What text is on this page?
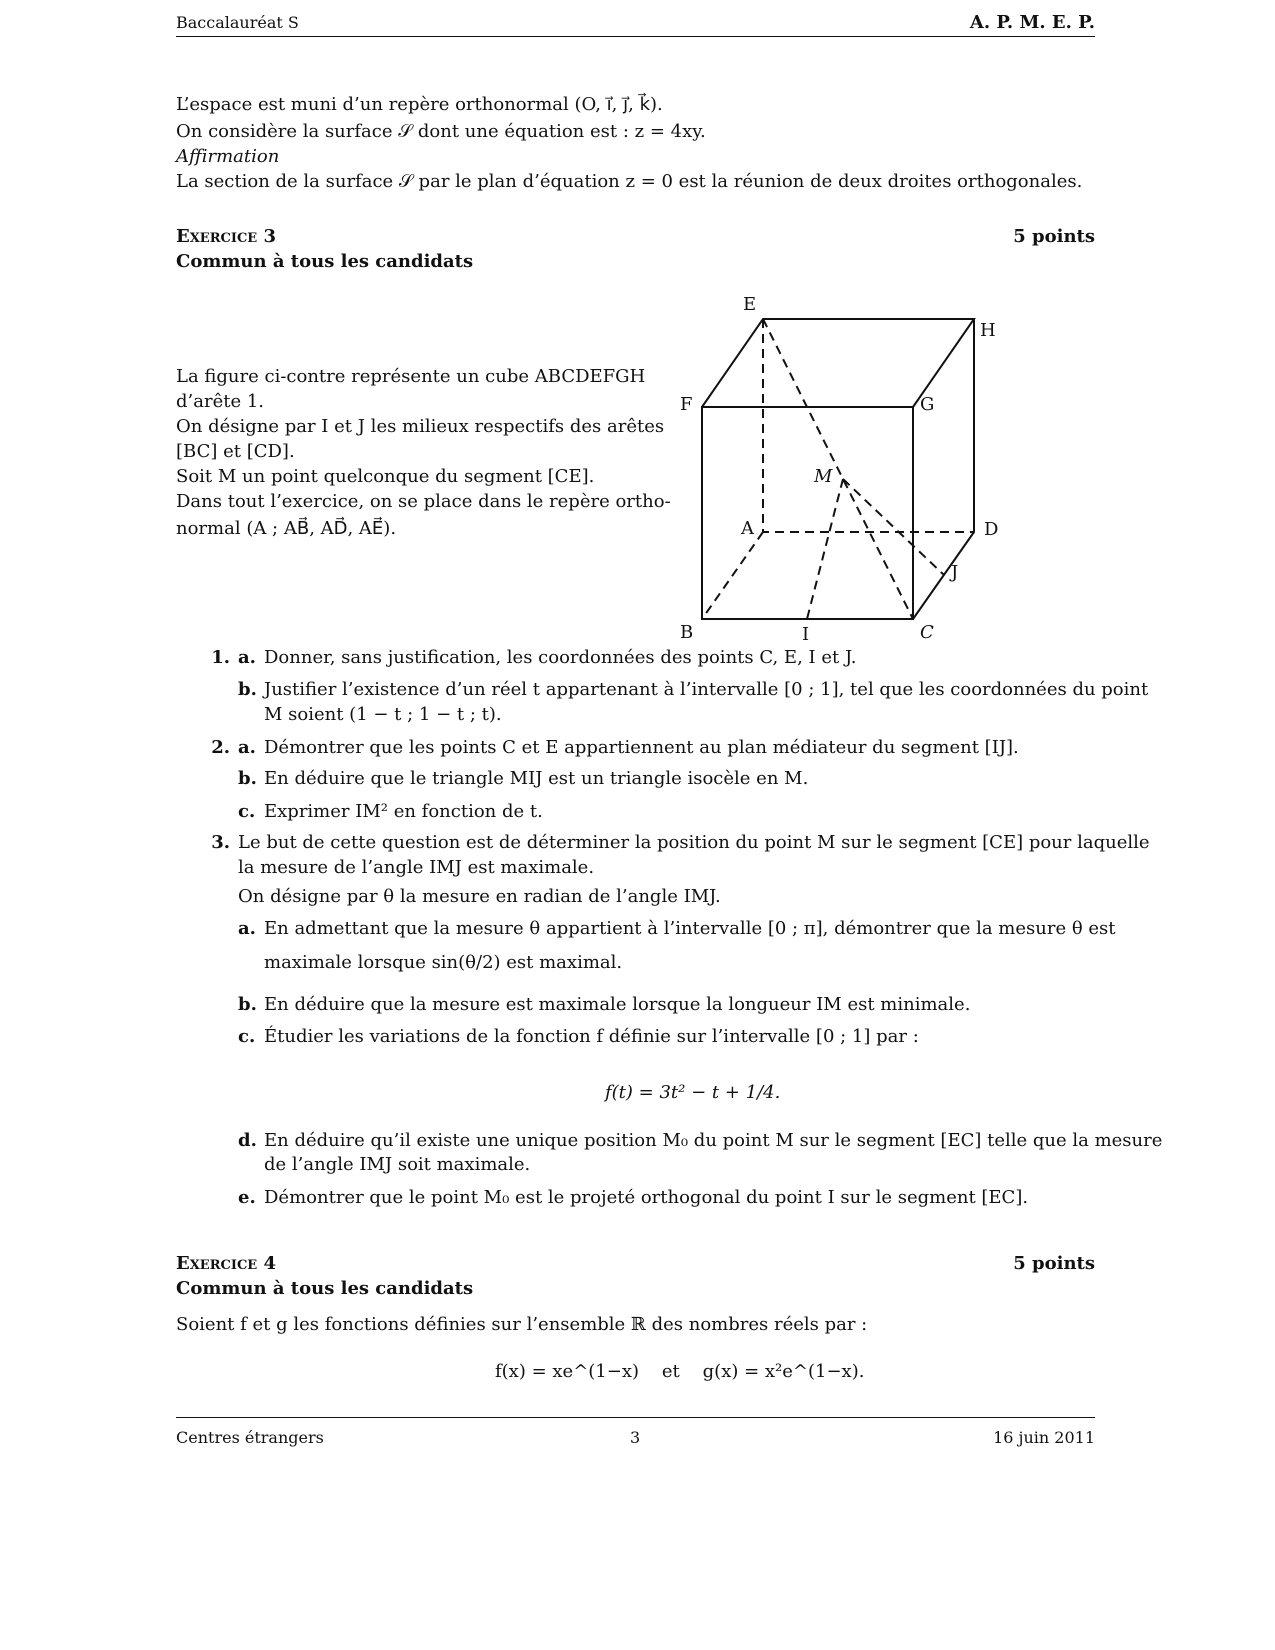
Baccalauréat S	A. P. M. E. P.
L’espace est muni d’un repère orthonormal (O, i⃗, j⃗, k⃗).
On considère la surface 𝒮 dont une équation est : z = 4xy.
Affirmation
La section de la surface 𝒮 par le plan d’équation z = 0 est la réunion de deux droites orthogonales.
Exercice 3	5 points
Commun à tous les candidats
La figure ci-contre représente un cube ABCDEFGH
d’arête 1.
On désigne par I et J les milieux respectifs des arêtes
[BC] et [CD].
Soit M un point quelconque du segment [CE].
Dans tout l’exercice, on se place dans le repère ortho-
normal (A ; AB⃗, AD⃗, AE⃗).
E
H
F	G
M
A	D
J
B	I	C
1. a. Donner, sans justification, les coordonnées des points C, E, I et J.
b. Justifier l’existence d’un réel t appartenant à l’intervalle [0 ; 1], tel que les coordonnées du point
M soient (1 − t ; 1 − t ; t).
2. a. Démontrer que les points C et E appartiennent au plan médiateur du segment [IJ].
b. En déduire que le triangle MIJ est un triangle isocèle en M.
c. Exprimer IM² en fonction de t.
3. Le but de cette question est de déterminer la position du point M sur le segment [CE] pour laquelle
la mesure de l’angle IMJ est maximale.
On désigne par θ la mesure en radian de l’angle IMJ.
a. En admettant que la mesure θ appartient à l’intervalle [0 ; π], démontrer que la mesure θ est
maximale lorsque sin(θ/2) est maximal.
b. En déduire que la mesure est maximale lorsque la longueur IM est minimale.
c. Étudier les variations de la fonction f définie sur l’intervalle [0 ; 1] par :
f(t) = 3t² − t + 1/4.
d. En déduire qu’il existe une unique position M₀ du point M sur le segment [EC] telle que la mesure
de l’angle IMJ soit maximale.
e. Démontrer que le point M₀ est le projeté orthogonal du point I sur le segment [EC].
Exercice 4	5 points
Commun à tous les candidats
Soient f et g les fonctions définies sur l’ensemble ℝ des nombres réels par :
f(x) = xe^(1−x)    et    g(x) = x²e^(1−x).
Centres étrangers	3	16 juin 2011
